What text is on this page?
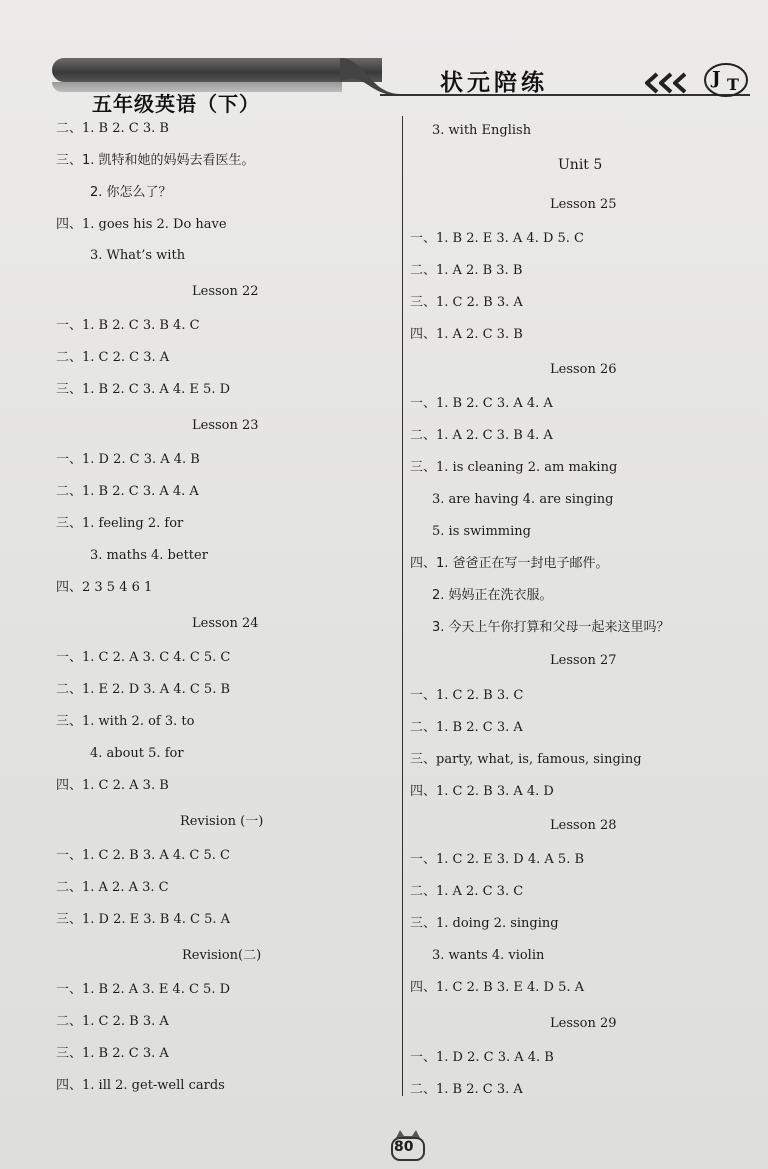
五年级英语（下）
状元陪练	J T
二、1. B 2. C 3. B
三、1. 凯特和她的妈妈去看医生。
2. 你怎么了？
四、1. goes his 2. Do have
3. What’s with
Lesson 22
一、1. B 2. C 3. B 4. C
二、1. C 2. C 3. A
三、1. B 2. C 3. A 4. E 5. D
Lesson 23
一、1. D 2. C 3. A 4. B
二、1. B 2. C 3. A 4. A
三、1. feeling 2. for
3. maths 4. better
四、2 3 5 4 6 1
Lesson 24
一、1. C 2. A 3. C 4. C 5. C
二、1. E 2. D 3. A 4. C 5. B
三、1. with 2. of 3. to
4. about 5. for
四、1. C 2. A 3. B
Revision (一)
一、1. C 2. B 3. A 4. C 5. C
二、1. A 2. A 3. C
三、1. D 2. E 3. B 4. C 5. A
Revision(二)
一、1. B 2. A 3. E 4. C 5. D
二、1. C 2. B 3. A
三、1. B 2. C 3. A
四、1. ill 2. get-well cards
3. with English
Unit 5
Lesson 25
一、1. B 2. E 3. A 4. D 5. C
二、1. A 2. B 3. B
三、1. C 2. B 3. A
四、1. A 2. C 3. B
Lesson 26
一、1. B 2. C 3. A 4. A
二、1. A 2. C 3. B 4. A
三、1. is cleaning 2. am making
3. are having 4. are singing
5. is swimming
四、1. 爸爸正在写一封电子邮件。
2. 妈妈正在洗衣服。
3. 今天上午你打算和父母一起来这里吗？
Lesson 27
一、1. C 2. B 3. C
二、1. B 2. C 3. A
三、party, what, is, famous, singing
四、1. C 2. B 3. A 4. D
Lesson 28
一、1. C 2. E 3. D 4. A 5. B
二、1. A 2. C 3. C
三、1. doing 2. singing
3. wants 4. violin
四、1. C 2. B 3. E 4. D 5. A
Lesson 29
一、1. D 2. C 3. A 4. B
二、1. B 2. C 3. A
80
